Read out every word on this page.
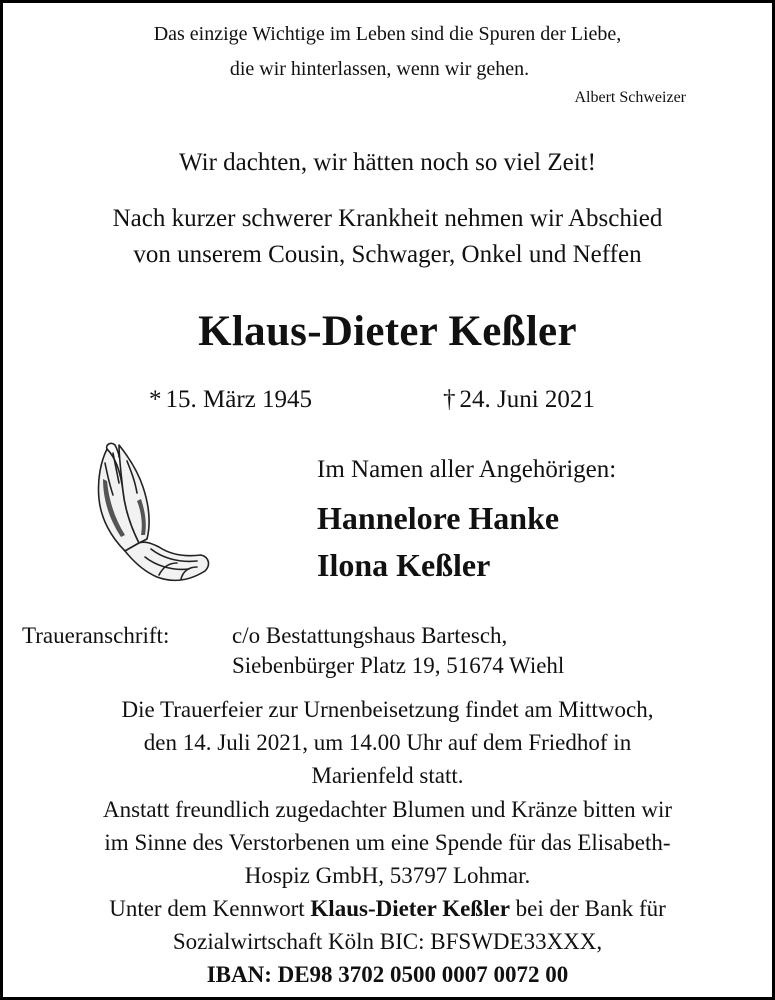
Das einzige Wichtige im Leben sind die Spuren der Liebe,

die wir hinterlassen, wenn wir gehen.

Albert Schweizer

Wir dachten, wir hätten noch so viel Zeit!

Nach kurzer schwerer Krankheit nehmen wir Abschied

von unserem Cousin, Schwager, Onkel und Neffen

Klaus-Dieter Keßler

* 15. März 1945	† 24. Juni 2021

Im Namen aller Angehörigen:

Hannelore Hanke

Ilona Keßler

Traueranschrift:	c/o Bestattungshaus Bartesch,

Siebenbürger Platz 19, 51674 Wiehl

Die Trauerfeier zur Urnenbeisetzung findet am Mittwoch,

den 14. Juli 2021, um 14.00 Uhr auf dem Friedhof in

Marienfeld statt.

Anstatt freundlich zugedachter Blumen und Kränze bitten wir

im Sinne des Verstorbenen um eine Spende für das Elisabeth-

Hospiz GmbH, 53797 Lohmar.

Unter dem Kennwort Klaus-Dieter Keßler bei der Bank für

Sozialwirtschaft Köln BIC: BFSWDE33XXX,

IBAN: DE98 3702 0500 0007 0072 00
